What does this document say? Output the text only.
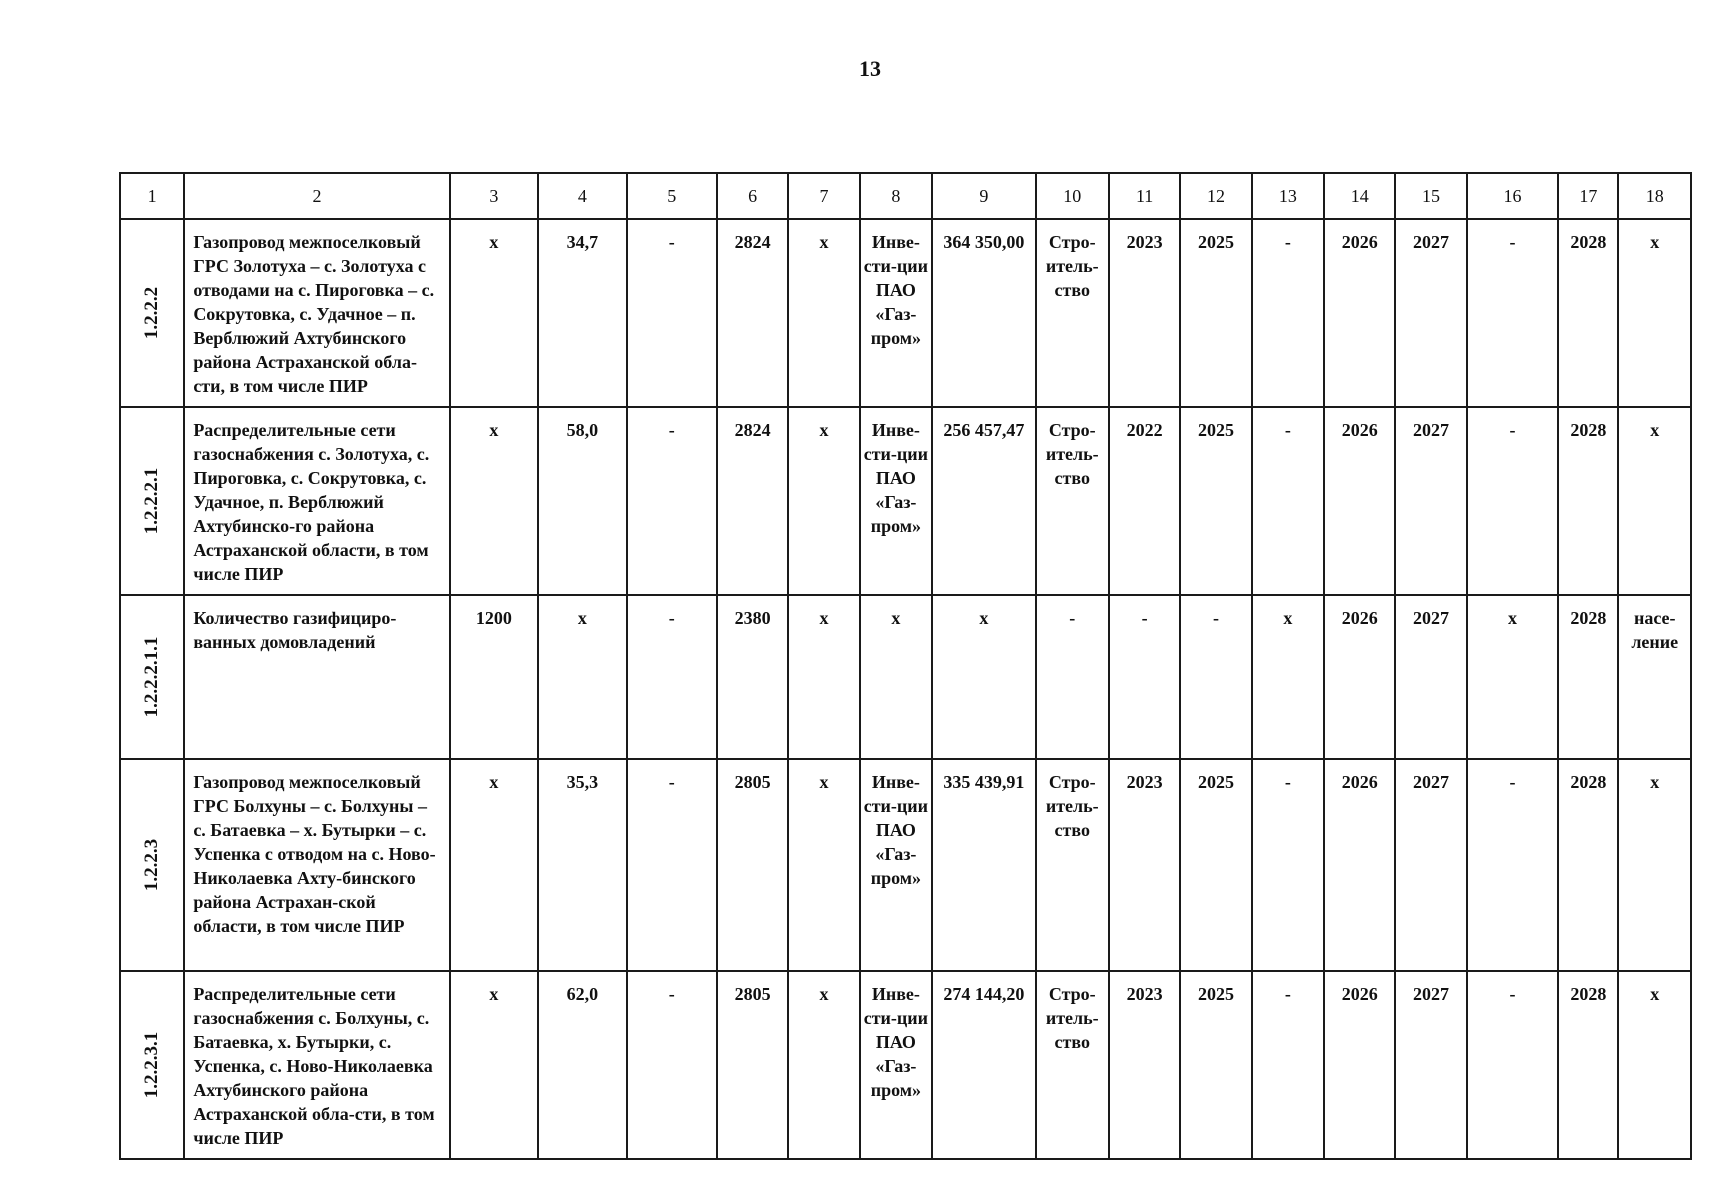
13
1	2	3	4	5	6	7	8	9	10	11	12	13	14	15	16	17	18

1.2.2.2	Газопровод межпоселковый ГРС Золотуха – с. Золотуха с отводами на с. Пироговка – с. Сокрутовка, с. Удачное – п. Верблюжий Ахтубинского района Астраханской обла-сти, в том числе ПИР	х	34,7	-	2824	х	Инве-сти-ции ПАО «Газ-пром»	364 350,00	Стро-итель-ство	2023	2025	-	2026	2027	-	2028	х

1.2.2.2.1	Распределительные сети газоснабжения с. Золотуха, с. Пироговка, с. Сокрутовка, с. Удачное, п. Верблюжий Ахтубинско-го района Астраханской области, в том числе ПИР	х	58,0	-	2824	х	Инве-сти-ции ПАО «Газ-пром»	256 457,47	Стро-итель-ство	2022	2025	-	2026	2027	-	2028	х

1.2.2.2.1.1	Количество газифициро-ванных домовладений	1200	х	-	2380	х	х	х	-	-	-	х	2026	2027	х	2028	насе-ление

1.2.2.3	Газопровод межпоселковый ГРС Болхуны – с. Болхуны – с. Батаевка – х. Бутырки – с. Успенка с отводом на с. Ново-Николаевка Ахту-бинского района Астрахан-ской области, в том числе ПИР	х	35,3	-	2805	х	Инве-сти-ции ПАО «Газ-пром»	335 439,91	Стро-итель-ство	2023	2025	-	2026	2027	-	2028	х

1.2.2.3.1	Распределительные сети газоснабжения с. Болхуны, с. Батаевка, х. Бутырки, с. Успенка, с. Ново-Николаевка Ахтубинского района Астраханской обла-сти, в том числе ПИР	х	62,0	-	2805	х	Инве-сти-ции ПАО «Газ-пром»	274 144,20	Стро-итель-ство	2023	2025	-	2026	2027	-	2028	х
